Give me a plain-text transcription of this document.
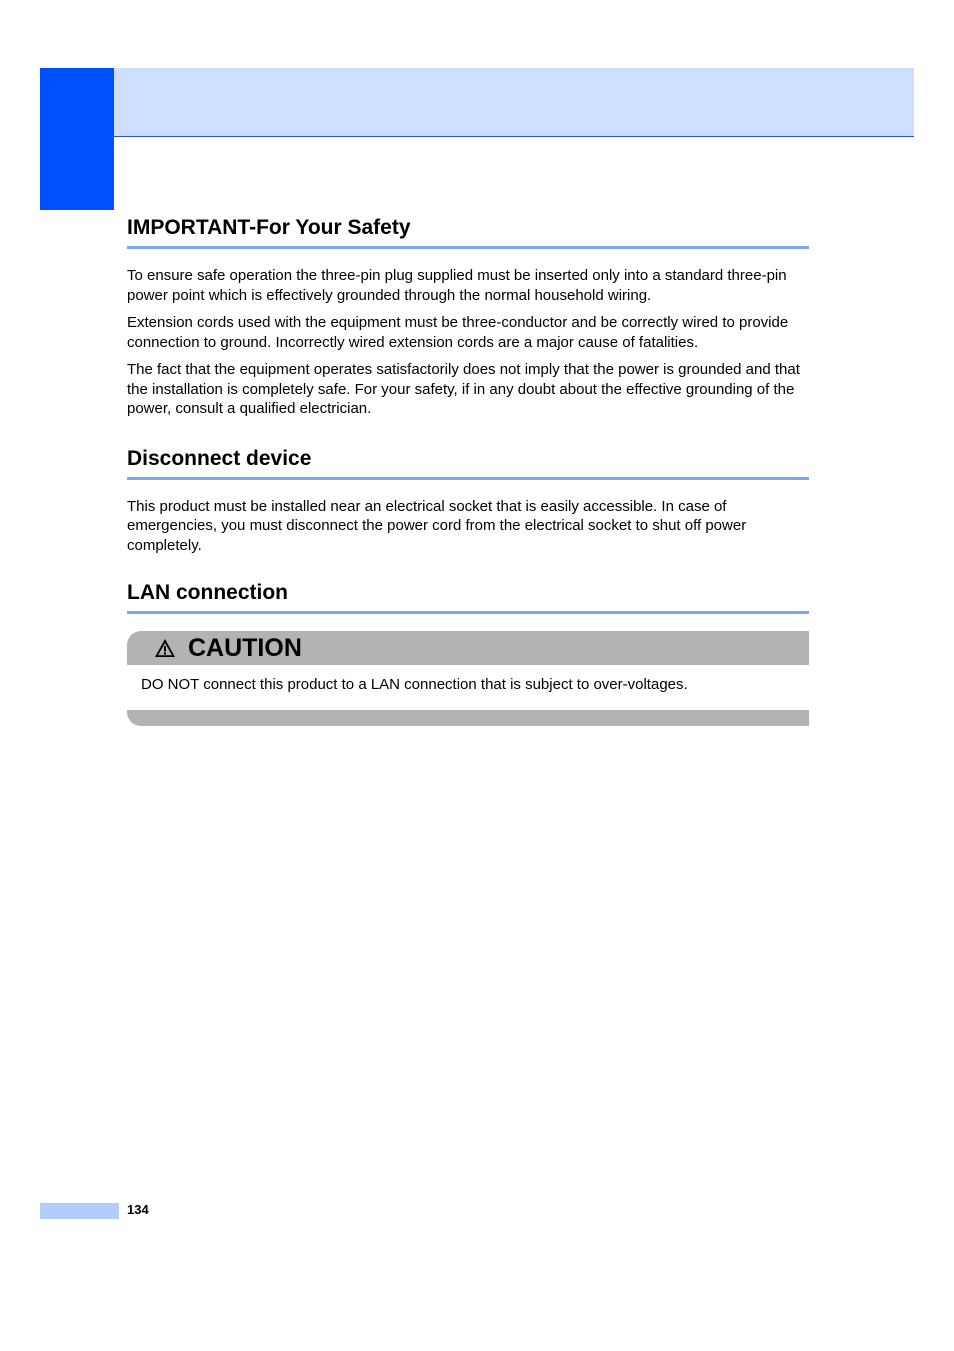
IMPORTANT-For Your Safety

To ensure safe operation the three-pin plug supplied must be inserted only into a standard three-pin power point which is effectively grounded through the normal household wiring.

Extension cords used with the equipment must be three-conductor and be correctly wired to provide connection to ground. Incorrectly wired extension cords are a major cause of fatalities.

The fact that the equipment operates satisfactorily does not imply that the power is grounded and that the installation is completely safe. For your safety, if in any doubt about the effective grounding of the power, consult a qualified electrician.

Disconnect device

This product must be installed near an electrical socket that is easily accessible. In case of emergencies, you must disconnect the power cord from the electrical socket to shut off power completely.

LAN connection
CAUTION

DO NOT connect this product to a LAN connection that is subject to over-voltages.

134
